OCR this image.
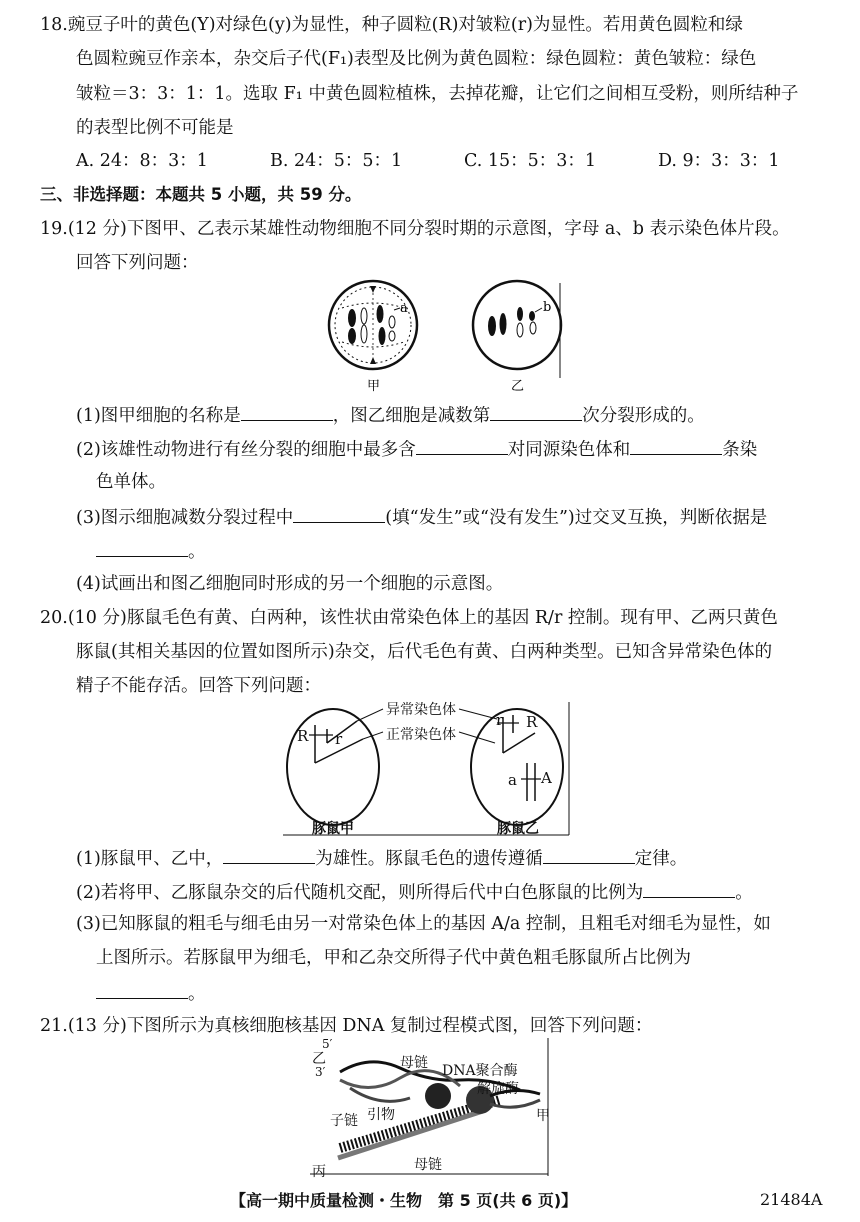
18.豌豆子叶的黄色(Y)对绿色(y)为显性，种子圆粒(R)对皱粒(r)为显性。若用黄色圆粒和绿
色圆粒豌豆作亲本，杂交后子代(F₁)表型及比例为黄色圆粒：绿色圆粒：黄色皱粒：绿色
皱粒＝3：3：1：1。选取 F₁ 中黄色圆粒植株，去掉花瓣，让它们之间相互受粉，则所结种子
的表型比例不可能是
A. 24：8：3：1	B. 24：5：5：1	C. 15：5：3：1	D. 9：3：3：1
三、非选择题：本题共 5 小题，共 59 分。
19.(12 分)下图甲、乙表示某雄性动物细胞不同分裂时期的示意图，字母 a、b 表示染色体片段。
回答下列问题：
a	b
甲	乙
(1)图甲细胞的名称是	，图乙细胞是减数第	次分裂形成的。
(2)该雄性动物进行有丝分裂的细胞中最多含	对同源染色体和	条染
色单体。
(3)图示细胞减数分裂过程中	(填“发生”或“没有发生”)过交叉互换，判断依据是
。
(4)试画出和图乙细胞同时形成的另一个细胞的示意图。
20.(10 分)豚鼠毛色有黄、白两种，该性状由常染色体上的基因 R/r 控制。现有甲、乙两只黄色
豚鼠(其相关基因的位置如图所示)杂交，后代毛色有黄、白两种类型。已知含异常染色体的
精子不能存活。回答下列问题：
异常染色体
正常染色体
R r
r R
a A
豚鼠甲	豚鼠乙
(1)豚鼠甲、乙中，	为雄性。豚鼠毛色的遗传遵循	定律。
(2)若将甲、乙豚鼠杂交的后代随机交配，则所得后代中白色豚鼠的比例为	。
(3)已知豚鼠的粗毛与细毛由另一对常染色体上的基因 A/a 控制，且粗毛对细毛为显性，如
上图所示。若豚鼠甲为细毛，甲和乙杂交所得子代中黄色粗毛豚鼠所占比例为
。
21.(13 分)下图所示为真核细胞核基因 DNA 复制过程模式图，回答下列问题：
乙
5′
3′
母链 DNA聚合酶
解旋酶
子链 引物	甲
丙	母链
【高一期中质量检测・生物　第 5 页(共 6 页)】	21484A
